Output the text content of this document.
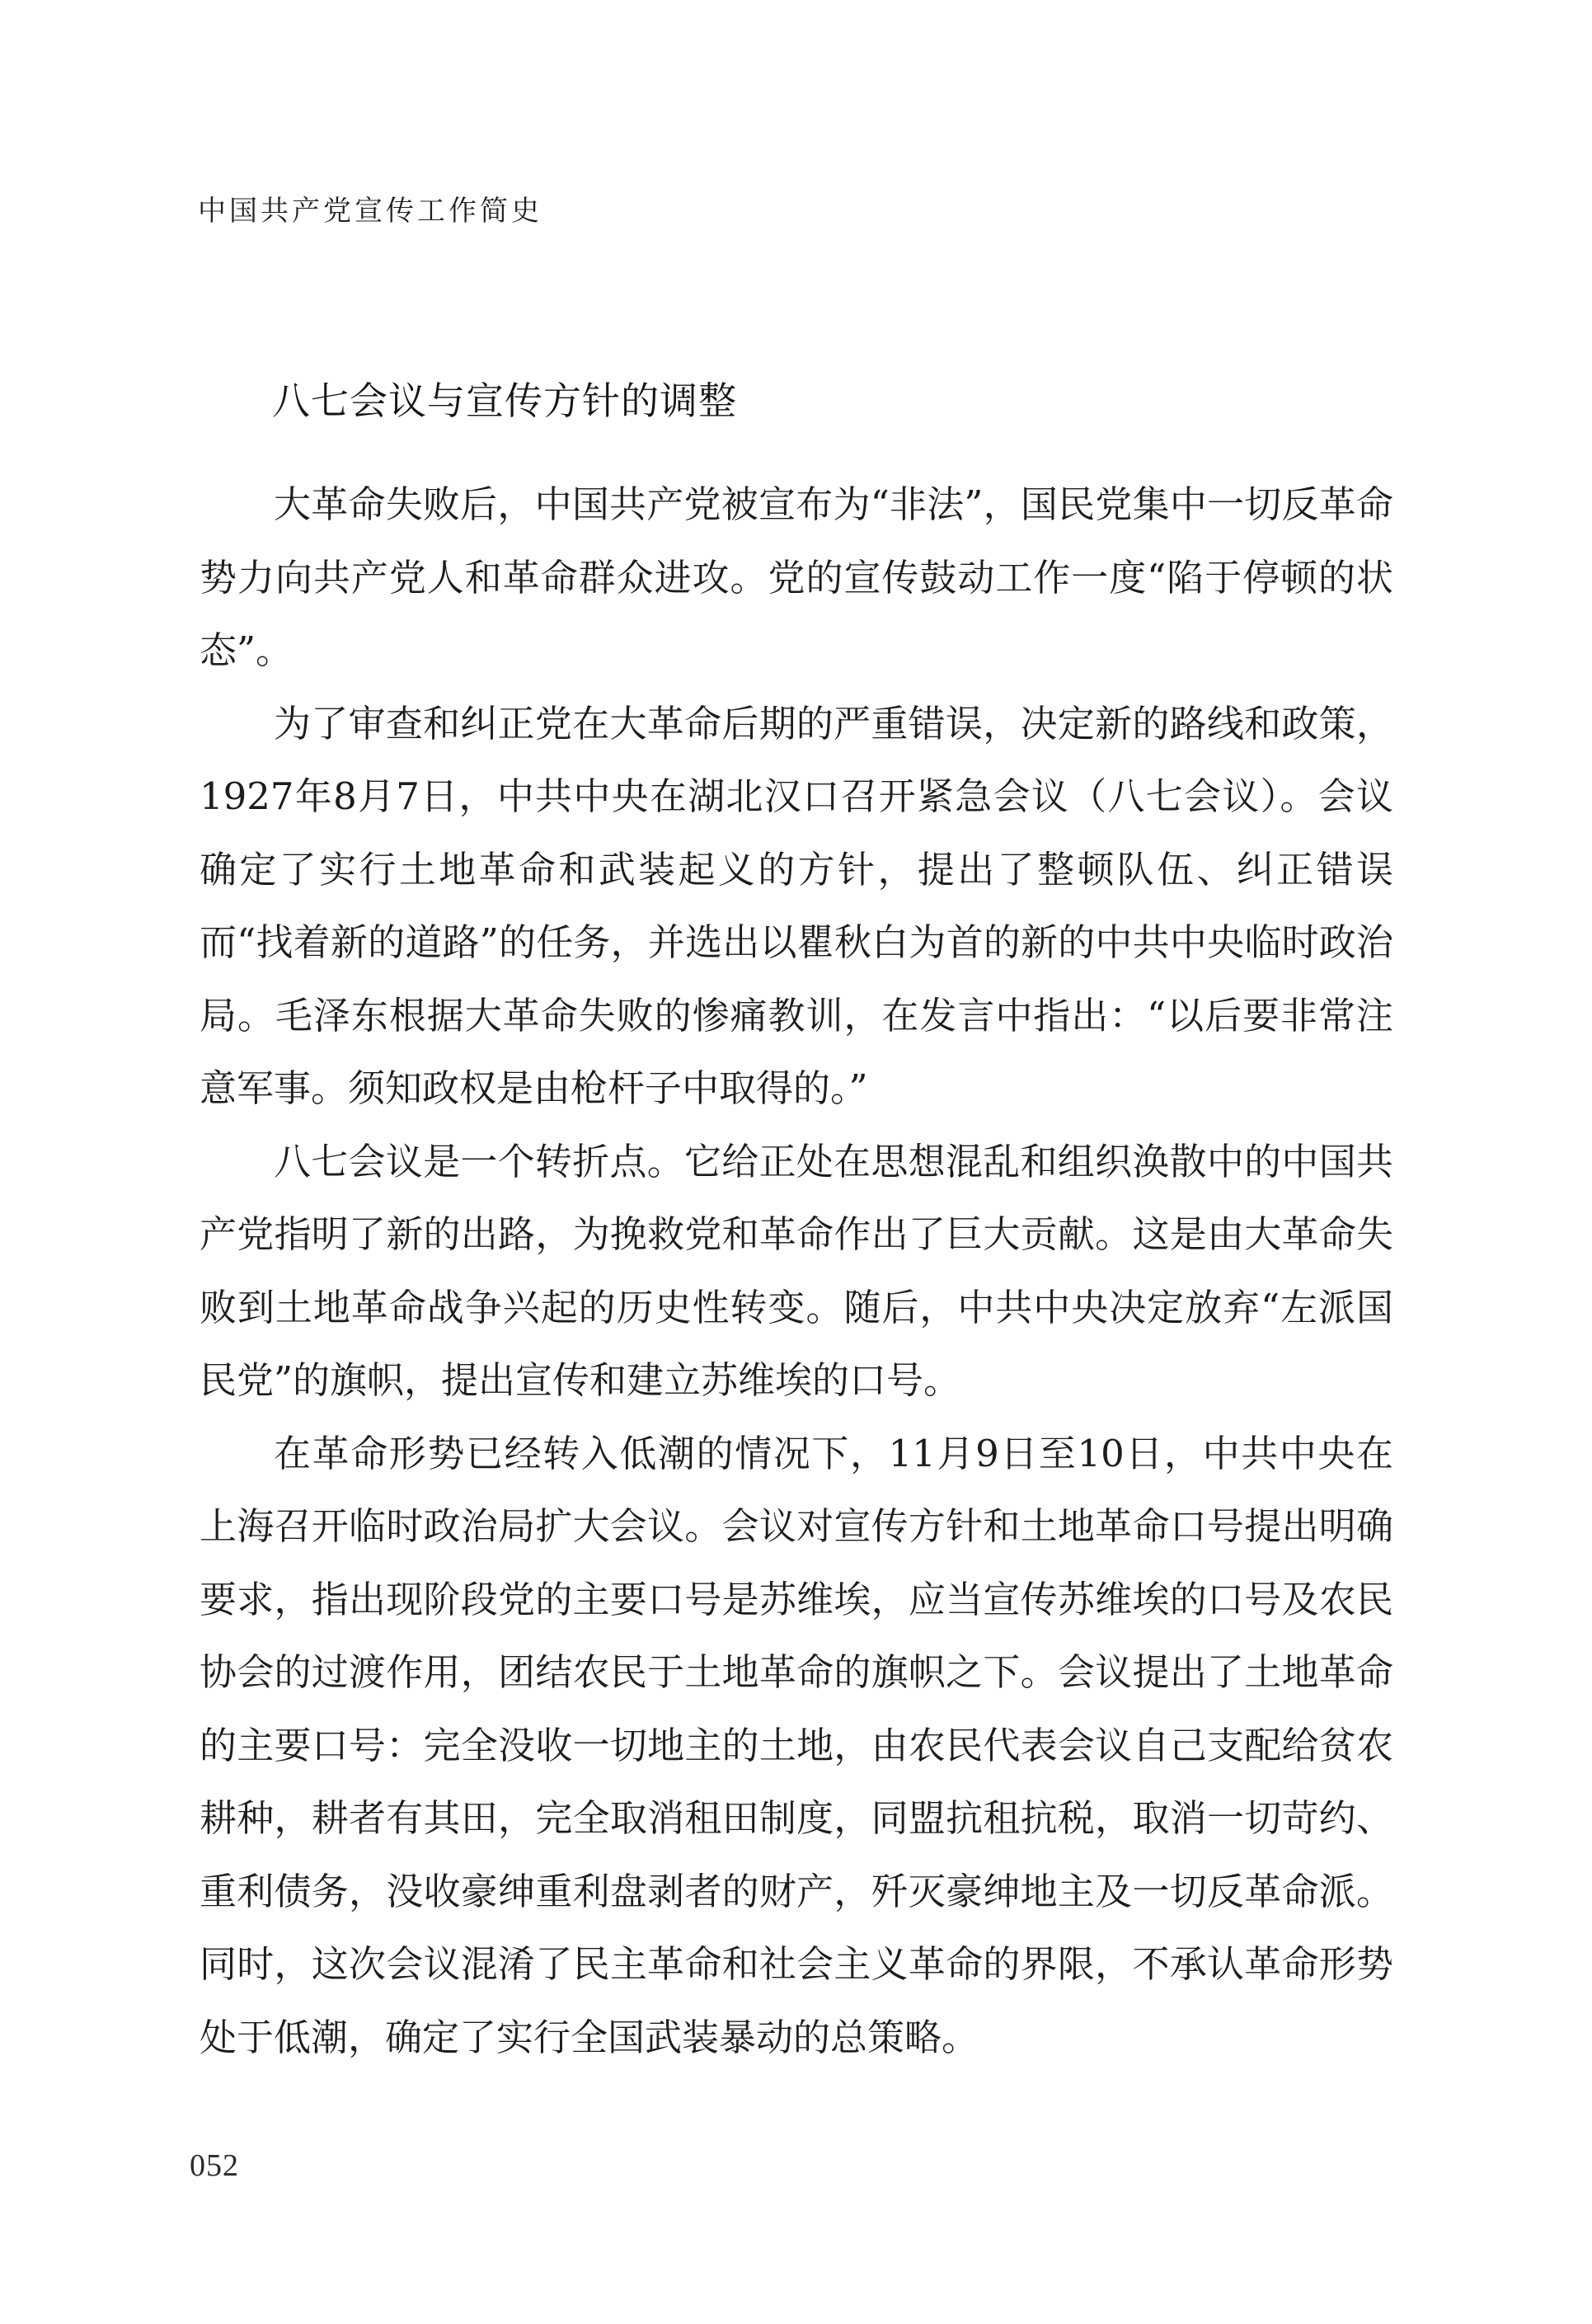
中国共产党宣传工作简史
八七会议与宣传方针的调整

大革命失败后，中国共产党被宣布为“非法”，国民党集中一切反革命势力向共产党人和革命群众进攻。党的宣传鼓动工作一度“陷于停顿的状态”。

为了审查和纠正党在大革命后期的严重错误，决定新的路线和政策，1927年8月7日，中共中央在湖北汉口召开紧急会议（八七会议）。会议确定了实行土地革命和武装起义的方针，提出了整顿队伍、纠正错误而“找着新的道路”的任务，并选出以瞿秋白为首的新的中共中央临时政治局。毛泽东根据大革命失败的惨痛教训，在发言中指出：“以后要非常注意军事。须知政权是由枪杆子中取得的。”

八七会议是一个转折点。它给正处在思想混乱和组织涣散中的中国共产党指明了新的出路，为挽救党和革命作出了巨大贡献。这是由大革命失败到土地革命战争兴起的历史性转变。随后，中共中央决定放弃“左派国民党”的旗帜，提出宣传和建立苏维埃的口号。

在革命形势已经转入低潮的情况下，11月9日至10日，中共中央在上海召开临时政治局扩大会议。会议对宣传方针和土地革命口号提出明确要求，指出现阶段党的主要口号是苏维埃，应当宣传苏维埃的口号及农民协会的过渡作用，团结农民于土地革命的旗帜之下。会议提出了土地革命的主要口号：完全没收一切地主的土地，由农民代表会议自己支配给贫农耕种，耕者有其田，完全取消租田制度，同盟抗租抗税，取消一切苛约、重利债务，没收豪绅重利盘剥者的财产，歼灭豪绅地主及一切反革命派。同时，这次会议混淆了民主革命和社会主义革命的界限，不承认革命形势处于低潮，确定了实行全国武装暴动的总策略。

052
